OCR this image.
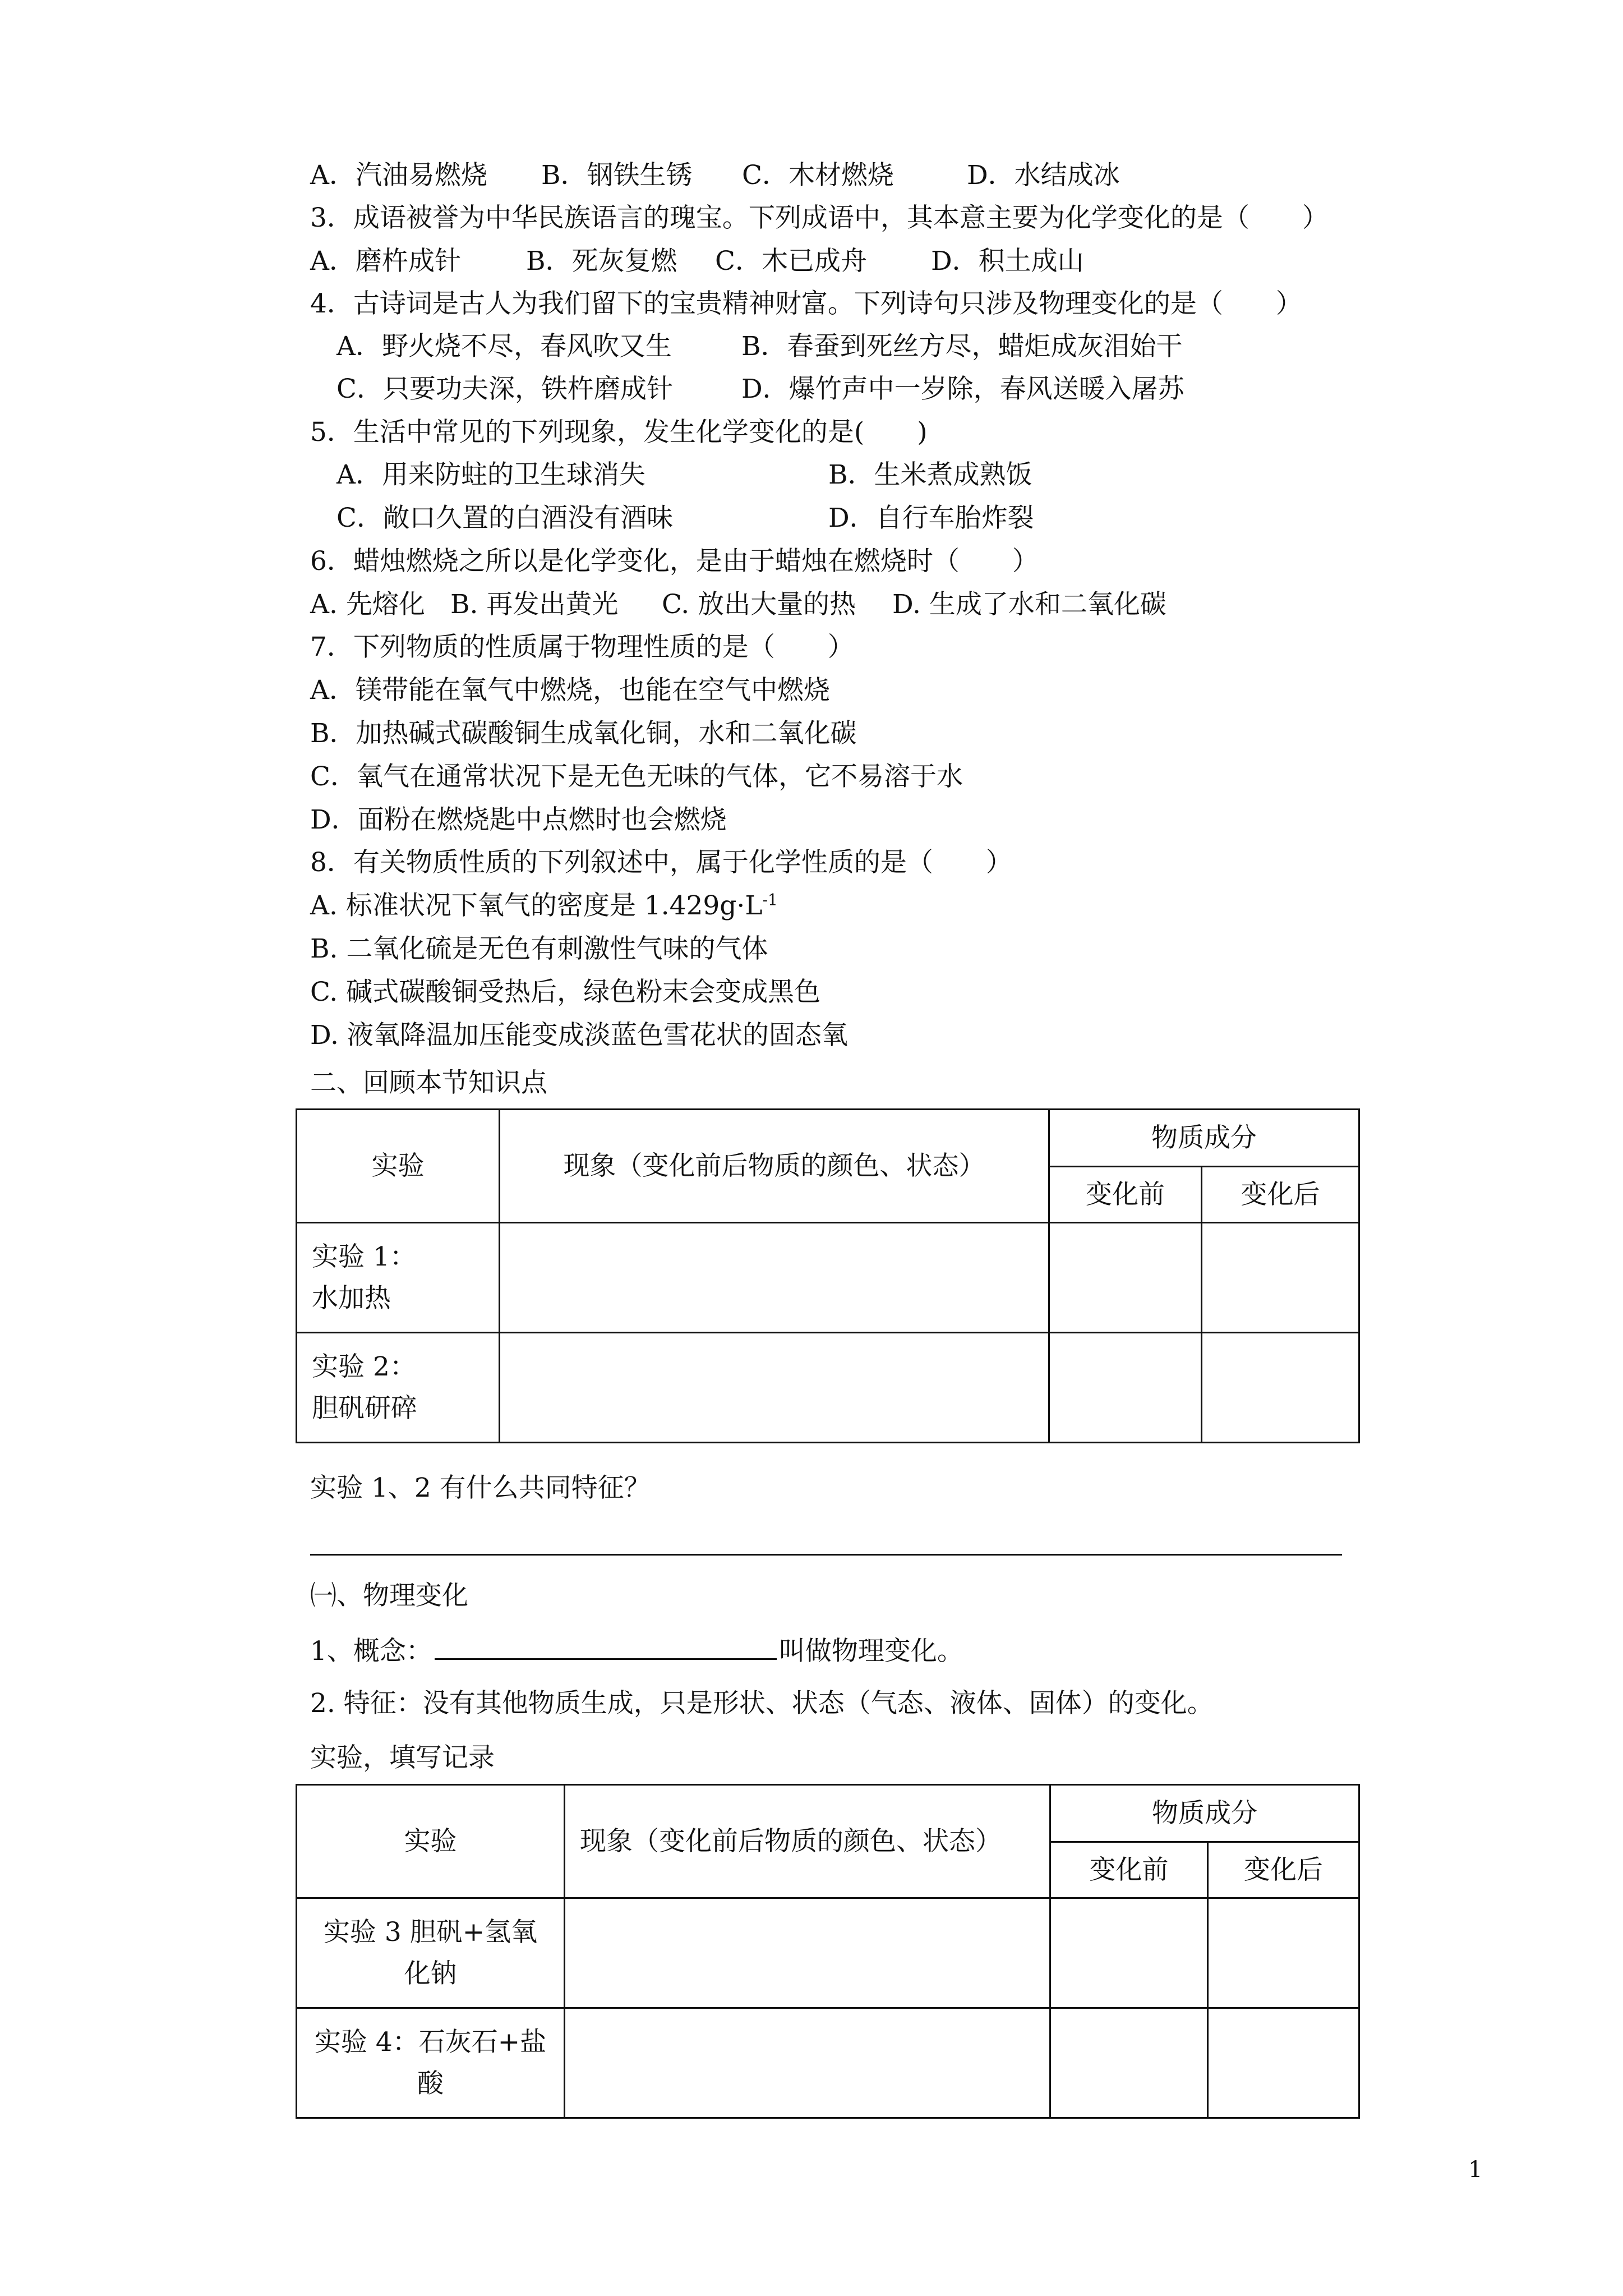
A．汽油易燃烧

B．钢铁生锈

C．木材燃烧

	D．水结成冰

3．成语被誉为中华民族语言的瑰宝。下列成语中，其本意主要为化学变化的是（　　）

A．磨杵成针

B．死灰复燃

C．木已成舟

D．积土成山

4．古诗词是古人为我们留下的宝贵精神财富。下列诗句只涉及物理变化的是（　　）

A．野火烧不尽，春风吹又生

	B．春蚕到死丝方尽，蜡炬成灰泪始干

C．只要功夫深，铁杵磨成针

	D．爆竹声中一岁除，春风送暖入屠苏

5．生活中常见的下列现象，发生化学变化的是(　　)

A．用来防蛀的卫生球消失

	B．生米煮成熟饭

C．敞口久置的白酒没有酒味

	D．自行车胎炸裂

6．蜡烛燃烧之所以是化学变化，是由于蜡烛在燃烧时（　　）

A. 先熔化

B. 再发出黄光

C. 放出大量的热

D. 生成了水和二氧化碳

7．下列物质的性质属于物理性质的是（　　）
A．镁带能在氧气中燃烧，也能在空气中燃烧
B．加热碱式碳酸铜生成氧化铜，水和二氧化碳
C．氧气在通常状况下是无色无味的气体，它不易溶于水
D．面粉在燃烧匙中点燃时也会燃烧
8．有关物质性质的下列叙述中，属于化学性质的是（　　）
A. 标准状况下氧气的密度是 $1.429g\cdot L^{-1}$
B. 二氧化硫是无色有刺激性气味的气体
C. 碱式碳酸铜受热后，绿色粉末会变成黑色
D. 液氧降温加压能变成淡蓝色雪花状的固态氧
二、回顾本节知识点
实验	现象（变化前后物质的颜色、状态）	物质成分	
		变化前	变化后
实验 1：
水加热			
实验 2：
胆矾研碎			
实验 1、2 有什么共同特征？
㈠、物理变化
1、概念：	叫做物理变化。
2. 特征：没有其他物质生成，只是形状、状态（气态、液体、固体）的变化。
实验，填写记录
实验	现象（变化前后物质的颜色、状态）	物质成分	
		变化前	变化后
实验 3 胆矾+氢氧
化钠			
实验 4：石灰石+盐
酸			
1
